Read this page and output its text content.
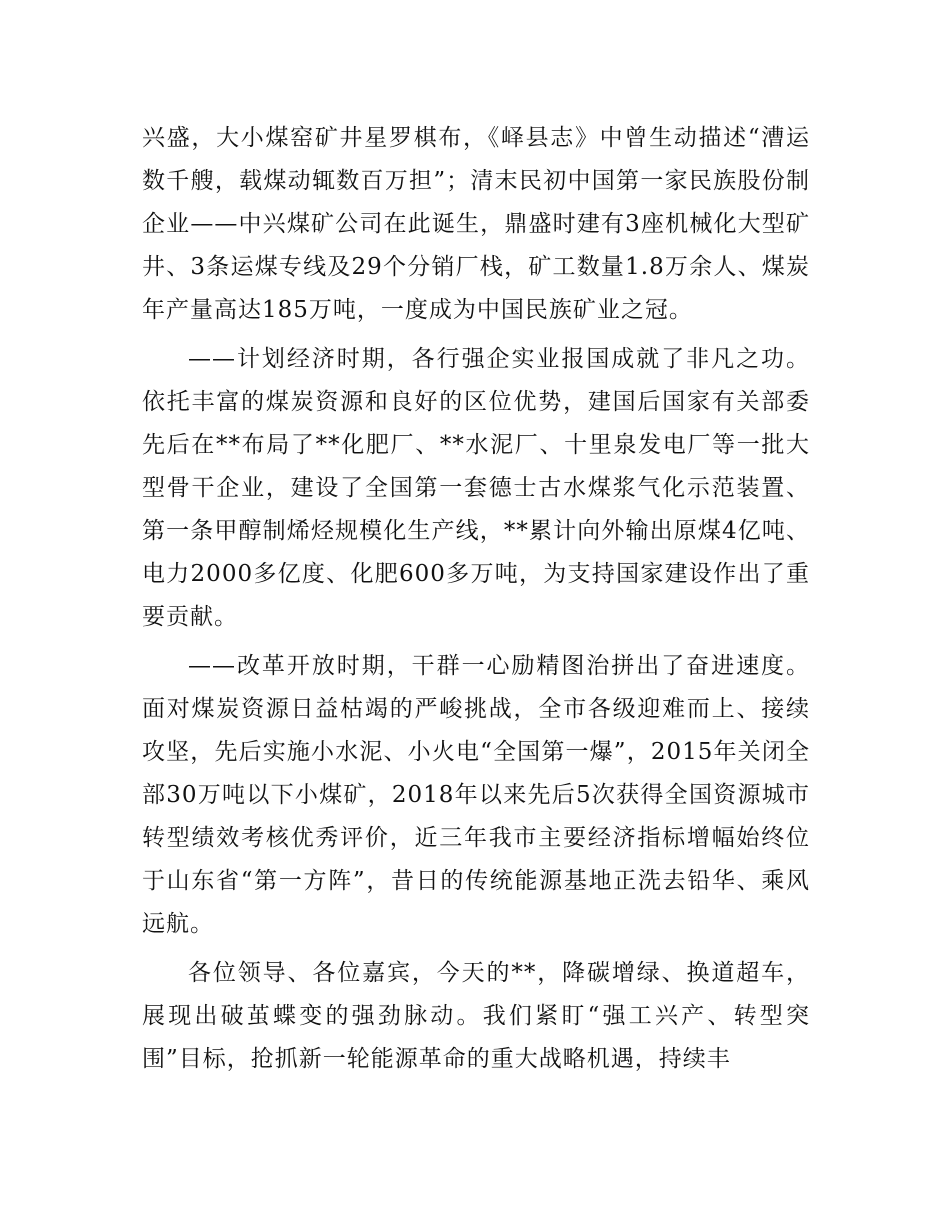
兴盛，大小煤窑矿井星罗棋布，《峄县志》中曾生动描述“漕运数千艘，载煤动辄数百万担”；清末民初中国第一家民族股份制企业——中兴煤矿公司在此诞生，鼎盛时建有3座机械化大型矿井、3条运煤专线及29个分销厂栈，矿工数量1.8万余人、煤炭年产量高达185万吨，一度成为中国民族矿业之冠。

——计划经济时期，各行强企实业报国成就了非凡之功。依托丰富的煤炭资源和良好的区位优势，建国后国家有关部委先后在**布局了**化肥厂、**水泥厂、十里泉发电厂等一批大型骨干企业，建设了全国第一套德士古水煤浆气化示范装置、第一条甲醇制烯烃规模化生产线，**累计向外输出原煤4亿吨、电力2000多亿度、化肥600多万吨，为支持国家建设作出了重要贡献。

——改革开放时期，干群一心励精图治拼出了奋进速度。面对煤炭资源日益枯竭的严峻挑战，全市各级迎难而上、接续攻坚，先后实施小水泥、小火电“全国第一爆”，2015年关闭全部30万吨以下小煤矿，2018年以来先后5次获得全国资源城市转型绩效考核优秀评价，近三年我市主要经济指标增幅始终位于山东省“第一方阵”，昔日的传统能源基地正洗去铅华、乘风远航。

各位领导、各位嘉宾，今天的**，降碳增绿、换道超车，展现出破茧蝶变的强劲脉动。我们紧盯“强工兴产、转型突围”目标，抢抓新一轮能源革命的重大战略机遇，持续丰
